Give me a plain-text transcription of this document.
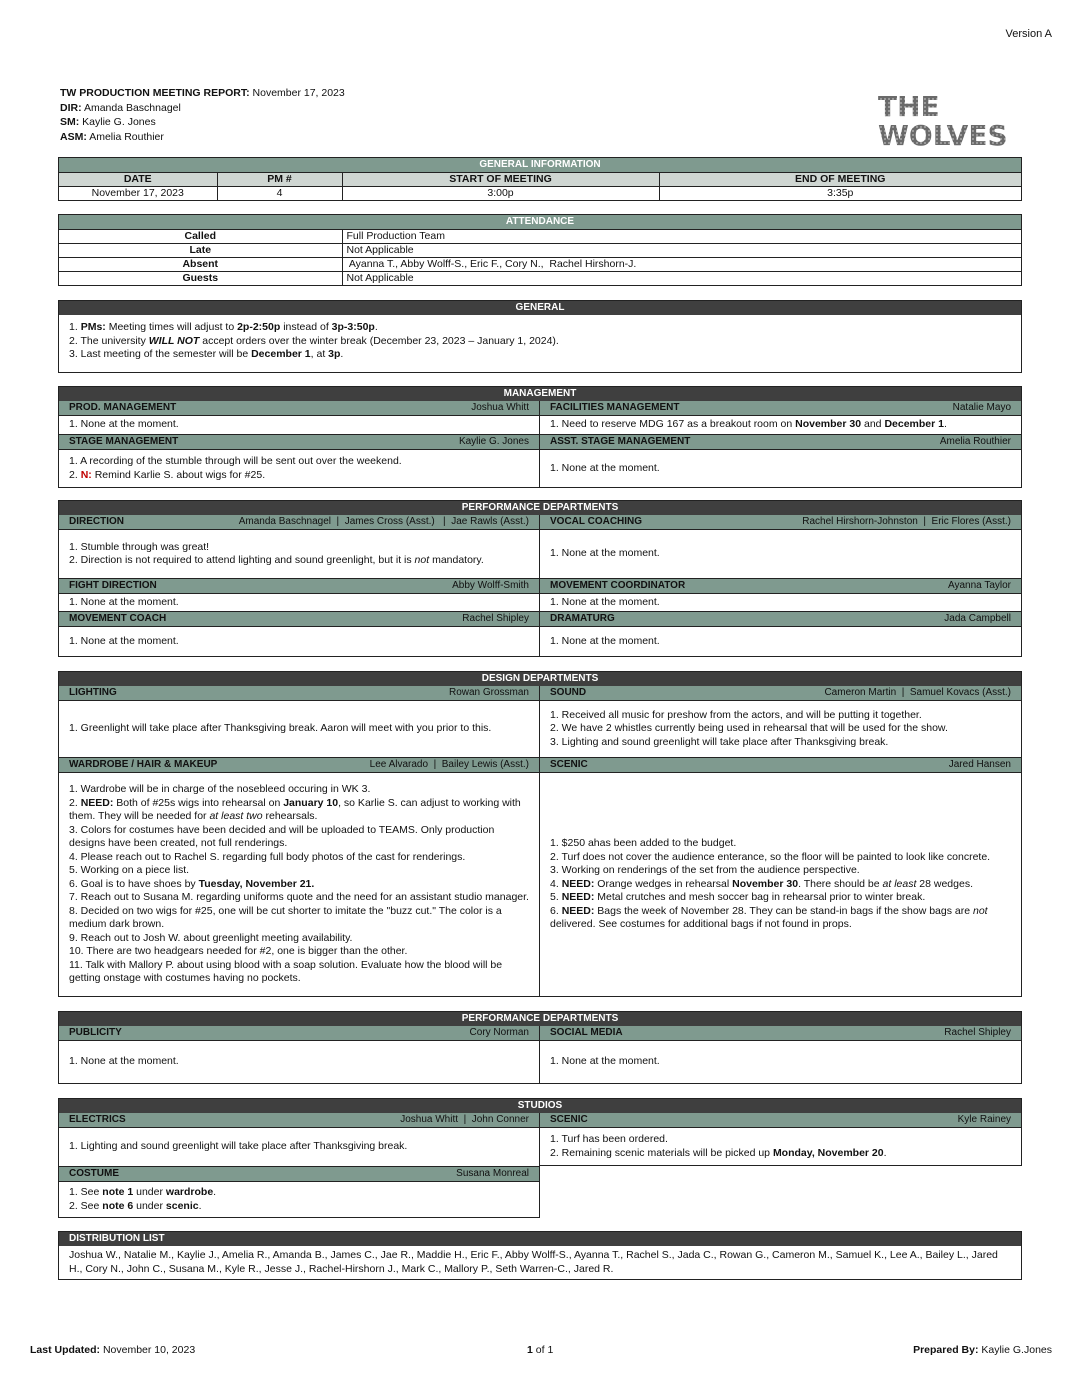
Version A
TW PRODUCTION MEETING REPORT: November 17, 2023
DIR: Amanda Baschnagel
SM: Kaylie G. Jones
ASM: Amelia Routhier
THE
WOLVES
GENERAL INFORMATION
DATE	PM #	START OF MEETING	END OF MEETING
November 17, 2023	4	3:00p	3:35p
ATTENDANCE
Called	Full Production Team
Late	Not Applicable
Absent	Ayanna T., Abby Wolff-S., Eric F., Cory N.,  Rachel Hirshorn-J.
Guests	Not Applicable
GENERAL
1. PMs: Meeting times will adjust to 2p-2:50p instead of 3p-3:50p.
2. The university WILL NOT accept orders over the winter break (December 23, 2023 – January 1, 2024).
3. Last meeting of the semester will be December 1, at 3p.
MANAGEMENT
PROD. MANAGEMENT	Joshua Whitt
1. None at the moment.
FACILITIES MANAGEMENT	Natalie Mayo
1. Need to reserve MDG 167 as a breakout room on November 30 and December 1.
STAGE MANAGEMENT	Kaylie G. Jones
1. A recording of the stumble through will be sent out over the weekend.
2. N: Remind Karlie S. about wigs for #25.
ASST. STAGE MANAGEMENT	Amelia Routhier
1. None at the moment.
PERFORMANCE DEPARTMENTS
DIRECTION	Amanda Baschnagel  |  James Cross (Asst.)   |  Jae Rawls (Asst.)
1. Stumble through was great!
2. Direction is not required to attend lighting and sound greenlight, but it is not mandatory.
VOCAL COACHING	Rachel Hirshorn-Johnston  |  Eric Flores (Asst.)
1. None at the moment.
FIGHT DIRECTION	Abby Wolff-Smith
1. None at the moment.
MOVEMENT COORDINATOR	Ayanna Taylor
1. None at the moment.
MOVEMENT COACH	Rachel Shipley
1. None at the moment.
DRAMATURG	Jada Campbell
1. None at the moment.
DESIGN DEPARTMENTS
LIGHTING	Rowan Grossman
1. Greenlight will take place after Thanksgiving break. Aaron will meet with you prior to this.
SOUND	Cameron Martin  |  Samuel Kovacs (Asst.)
1. Received all music for preshow from the actors, and will be putting it together.
2. We have 2 whistles currently being used in rehearsal that will be used for the show.
3. Lighting and sound greenlight will take place after Thanksgiving break.
WARDROBE / HAIR & MAKEUP	Lee Alvarado  |  Bailey Lewis (Asst.)
1. Wardrobe will be in charge of the nosebleed occuring in WK 3.
2. NEED: Both of #25s wigs into rehearsal on January 10, so Karlie S. can adjust to working with them. They will be needed for at least two rehearsals.
3. Colors for costumes have been decided and will be uploaded to TEAMS. Only production designs have been created, not full renderings.
4. Please reach out to Rachel S. regarding full body photos of the cast for renderings.
5. Working on a piece list.
6. Goal is to have shoes by Tuesday, November 21.
7. Reach out to Susana M. regarding uniforms quote and the need for an assistant studio manager.
8. Decided on two wigs for #25, one will be cut shorter to imitate the "buzz cut." The color is a medium dark brown.
9. Reach out to Josh W. about greenlight meeting availability.
10. There are two headgears needed for #2, one is bigger than the other.
11. Talk with Mallory P. about using blood with a soap solution. Evaluate how the blood will be getting onstage with costumes having no pockets.
SCENIC	Jared Hansen
1. $250 ahas been added to the budget.
2. Turf does not cover the audience enterance, so the floor will be painted to look like concrete.
3. Working on renderings of the set from the audience perspective.
4. NEED: Orange wedges in rehearsal November 30. There should be at least 28 wedges.
5. NEED: Metal crutches and mesh soccer bag in rehearsal prior to winter break.
6. NEED: Bags the week of November 28. They can be stand-in bags if the show bags are not delivered. See costumes for additional bags if not found in props.
PERFORMANCE DEPARTMENTS
PUBLICITY	Cory Norman
1. None at the moment.
SOCIAL MEDIA	Rachel Shipley
1. None at the moment.
STUDIOS
ELECTRICS	Joshua Whitt  |  John Conner
1. Lighting and sound greenlight will take place after Thanksgiving break.
SCENIC	Kyle Rainey
1. Turf has been ordered.
2. Remaining scenic materials will be picked up Monday, November 20.
COSTUME	Susana Monreal
1. See note 1 under wardrobe.
2. See note 6 under scenic.
DISTRIBUTION LIST
Joshua W., Natalie M., Kaylie J., Amelia R., Amanda B., James C., Jae R., Maddie H., Eric F., Abby Wolff-S., Ayanna T., Rachel S., Jada C., Rowan G., Cameron M., Samuel K., Lee A., Bailey L., Jared H., Cory N., John C., Susana M., Kyle R., Jesse J., Rachel-Hirshorn J., Mark C., Mallory P., Seth Warren-C., Jared R.
Last Updated: November 10, 2023	1 of 1	Prepared By: Kaylie G.Jones
